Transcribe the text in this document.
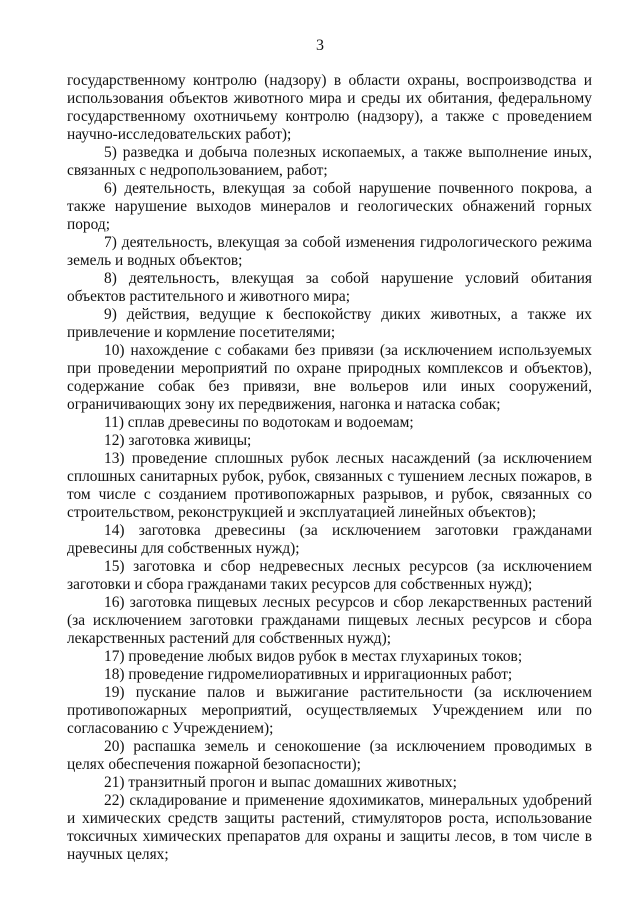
3

государственному контролю (надзору) в области охраны, воспроизводства и использования объектов животного мира и среды их обитания, федеральному государственному охотничьему контролю (надзору), а также с проведением научно-исследовательских работ);

5) разведка и добыча полезных ископаемых, а также выполнение иных, связанных с недропользованием, работ;

6) деятельность, влекущая за собой нарушение почвенного покрова, а также нарушение выходов минералов и геологических обнажений горных пород;

7) деятельность, влекущая за собой изменения гидрологического режима земель и водных объектов;

8) деятельность, влекущая за собой нарушение условий обитания объектов растительного и животного мира;

9) действия, ведущие к беспокойству диких животных, а также их привлечение и кормление посетителями;

10) нахождение с собаками без привязи (за исключением используемых при проведении мероприятий по охране природных комплексов и объектов), содержание собак без привязи, вне вольеров или иных сооружений, ограничивающих зону их передвижения, нагонка и натаска собак;

11) сплав древесины по водотокам и водоемам;

12) заготовка живицы;

13) проведение сплошных рубок лесных насаждений (за исключением сплошных санитарных рубок, рубок, связанных с тушением лесных пожаров, в том числе с созданием противопожарных разрывов, и рубок, связанных со строительством, реконструкцией и эксплуатацией линейных объектов);

14) заготовка древесины (за исключением заготовки гражданами древесины для собственных нужд);

15) заготовка и сбор недревесных лесных ресурсов (за исключением заготовки и сбора гражданами таких ресурсов для собственных нужд);

16) заготовка пищевых лесных ресурсов и сбор лекарственных растений (за исключением заготовки гражданами пищевых лесных ресурсов и сбора лекарственных растений для собственных нужд);

17) проведение любых видов рубок в местах глухариных токов;

18) проведение гидромелиоративных и ирригационных работ;

19) пускание палов и выжигание растительности (за исключением противопожарных мероприятий, осуществляемых Учреждением или по согласованию с Учреждением);

20) распашка земель и сенокошение (за исключением проводимых в целях обеспечения пожарной безопасности);

21) транзитный прогон и выпас домашних животных;

22) складирование и применение ядохимикатов, минеральных удобрений и химических средств защиты растений, стимуляторов роста, использование токсичных химических препаратов для охраны и защиты лесов, в том числе в научных целях;
